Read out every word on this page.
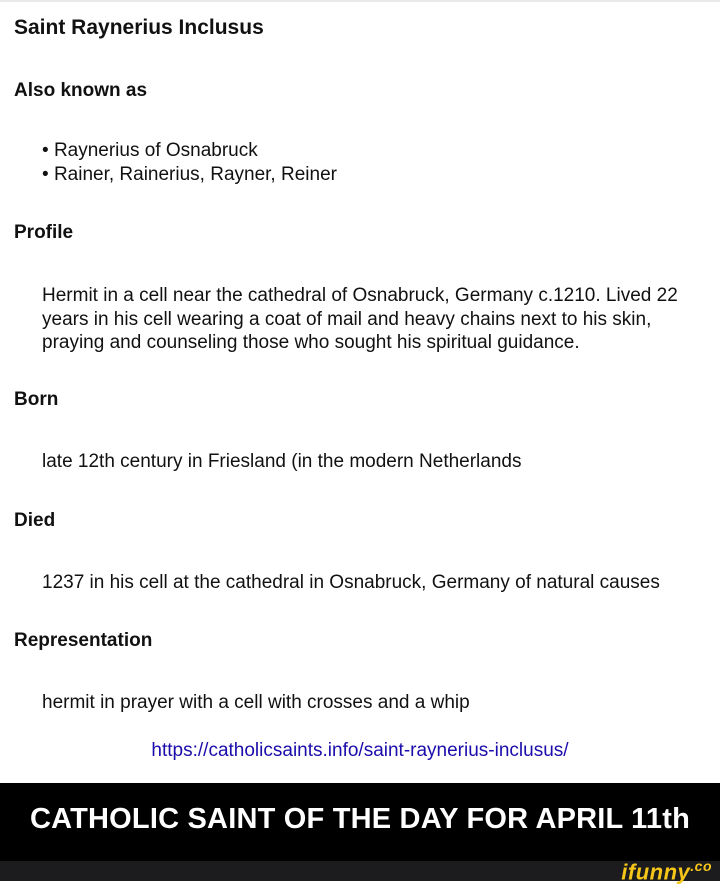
Saint Raynerius Inclusus
Also known as
• Raynerius of Osnabruck
• Rainer, Rainerius, Rayner, Reiner
Profile

Hermit in a cell near the cathedral of Osnabruck, Germany c.1210. Lived 22 years in his cell wearing a coat of mail and heavy chains next to his skin, praying and counseling those who sought his spiritual guidance.

Born

late 12th century in Friesland (in the modern Netherlands

Died

1237 in his cell at the cathedral in Osnabruck, Germany of natural causes

Representation

hermit in prayer with a cell with crosses and a whip

https://catholicsaints.info/saint-raynerius-inclusus/
CATHOLIC SAINT OF THE DAY FOR APRIL 11th
ifunny$^{.co}$
